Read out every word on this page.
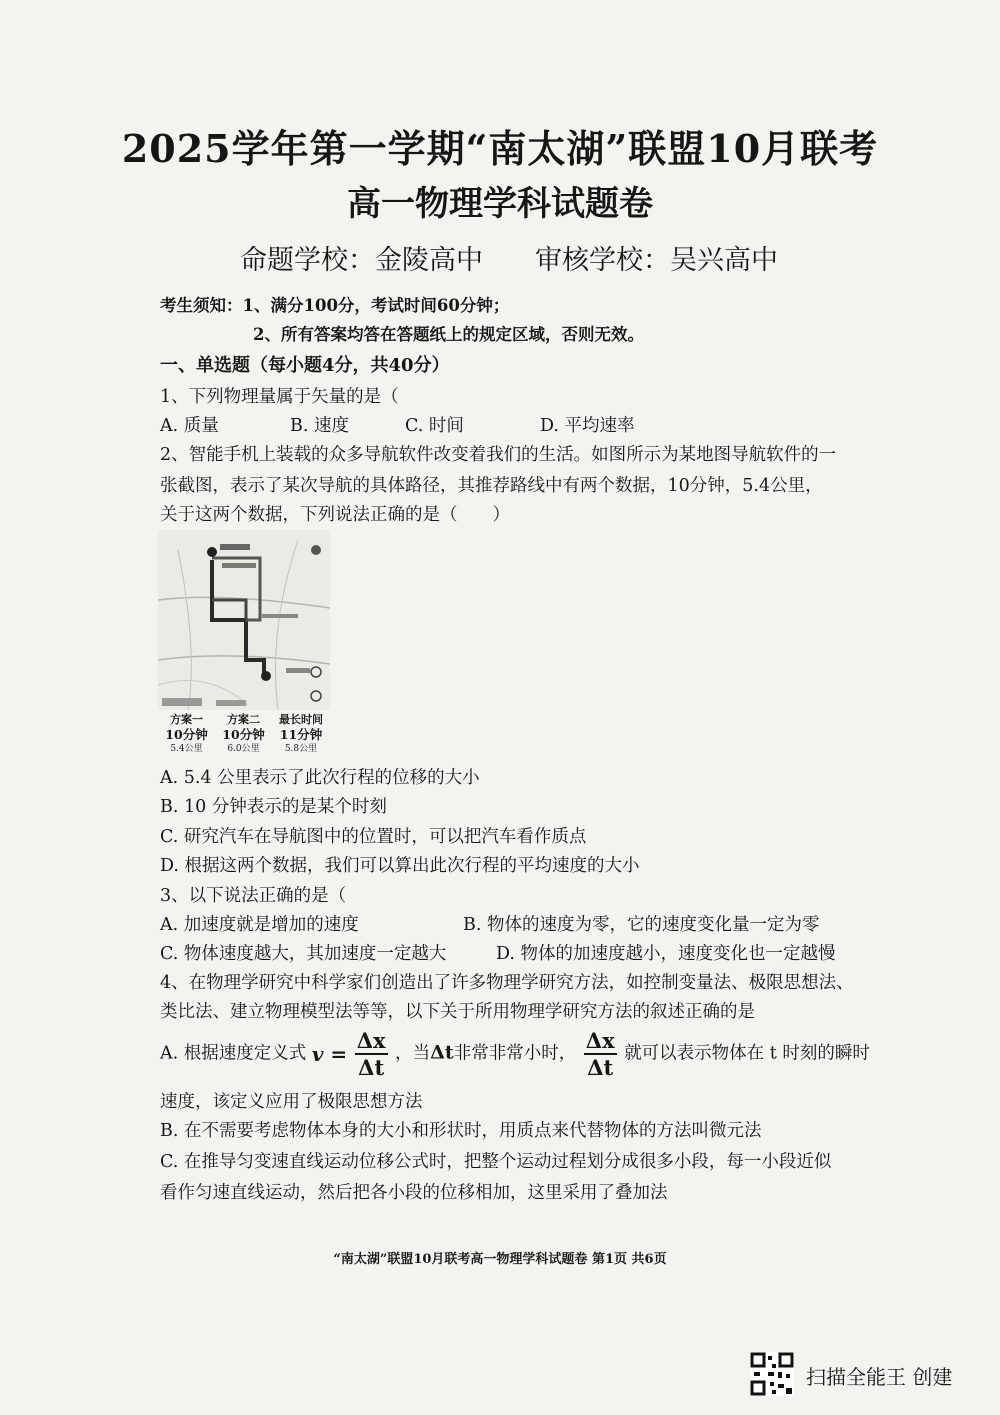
2025学年第一学期“南太湖”联盟10月联考
高一物理学科试题卷
命题学校：金陵高中 审核学校：吴兴高中
考生须知：1、满分100分，考试时间60分钟；
2、所有答案均答在答题纸上的规定区域，否则无效。
一、单选题（每小题4分，共40分）
1、下列物理量属于矢量的是（
A. 质量	B. 速度	C. 时间	D. 平均速率
2、智能手机上装载的众多导航软件改变着我们的生活。如图所示为某地图导航软件的一
张截图，表示了某次导航的具体路径，其推荐路线中有两个数据，10分钟，5.4公里，
关于这两个数据，下列说法正确的是（　　）
方案一
10分钟
5.4公里
方案二
10分钟
6.0公里
最长时间
11分钟
5.8公里
A. 5.4 公里表示了此次行程的位移的大小
B. 10 分钟表示的是某个时刻
C. 研究汽车在导航图中的位置时，可以把汽车看作质点
D. 根据这两个数据，我们可以算出此次行程的平均速度的大小
3、以下说法正确的是（
A. 加速度就是增加的速度	B. 物体的速度为零，它的速度变化量一定为零
C. 物体速度越大，其加速度一定越大	D. 物体的加速度越小，速度变化也一定越慢
4、在物理学研究中科学家们创造出了许多物理学研究方法，如控制变量法、极限思想法、
类比法、建立物理模型法等等，以下关于所用物理学研究方法的叙述正确的是
A. 根据速度定义式 $v = \frac{\Delta x}{\Delta t}$ ，当Δt非常非常小时， $\frac{\Delta x}{\Delta t}$ 就可以表示物体在 t 时刻的瞬时
速度，该定义应用了极限思想方法
B. 在不需要考虑物体本身的大小和形状时，用质点来代替物体的方法叫微元法
C. 在推导匀变速直线运动位移公式时，把整个运动过程划分成很多小段，每一小段近似
看作匀速直线运动，然后把各小段的位移相加，这里采用了叠加法
“南太湖”联盟10月联考高一物理学科试题卷 第1页 共6页
扫描全能王 创建
